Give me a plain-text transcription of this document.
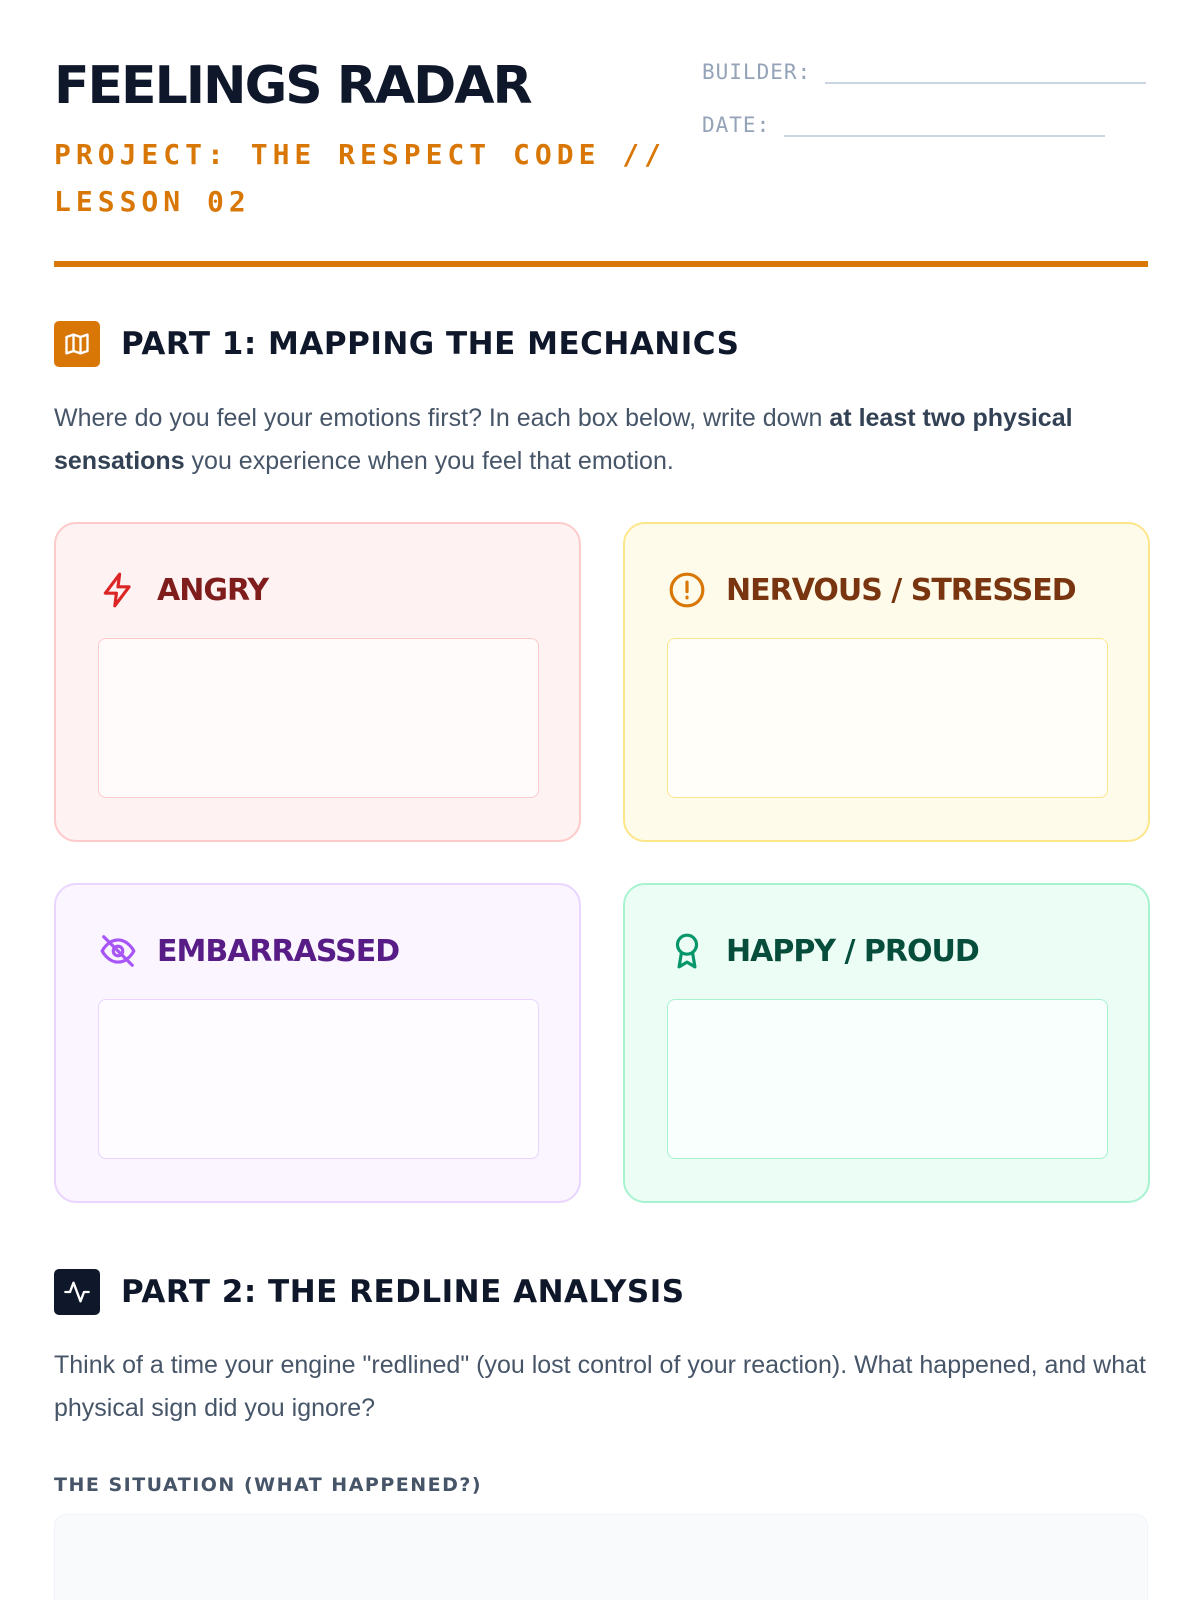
FEELINGS RADAR
PROJECT: THE RESPECT CODE // LESSON 02
BUILDER:
DATE:
PART 1: MAPPING THE MECHANICS

Where do you feel your emotions first? In each box below, write down at least two physical sensations you experience when you feel that emotion.

ANGRY	NERVOUS / STRESSED
EMBARRASSED	HAPPY / PROUD
PART 2: THE REDLINE ANALYSIS

Think of a time your engine "redlined" (you lost control of your reaction). What happened, and what physical sign did you ignore?

THE SITUATION (WHAT HAPPENED?)
